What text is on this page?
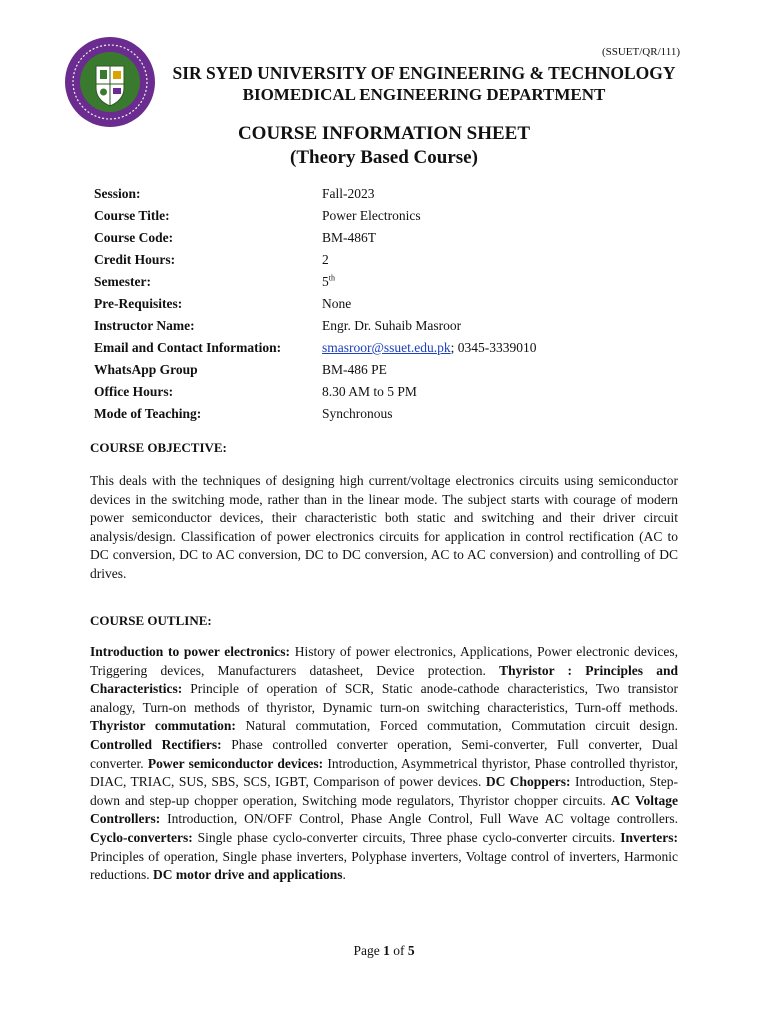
(SSUET/QR/111)
SIR SYED UNIVERSITY OF ENGINEERING & TECHNOLOGY
BIOMEDICAL ENGINEERING DEPARTMENT
COURSE INFORMATION SHEET
(Theory Based Course)
Session:	Fall-2023
Course Title:	Power Electronics
Course Code:	BM-486T
Credit Hours:	2
Semester:	5th
Pre-Requisites:	None
Instructor Name:	Engr. Dr. Suhaib Masroor
Email and Contact Information:	smasroor@ssuet.edu.pk; 0345-3339010
WhatsApp Group	BM-486 PE
Office Hours:	8.30 AM to 5 PM
Mode of Teaching:	Synchronous
COURSE OBJECTIVE:
This deals with the techniques of designing high current/voltage electronics circuits using semiconductor devices in the switching mode, rather than in the linear mode. The subject starts with courage of modern power semiconductor devices, their characteristic both static and switching and their driver circuit analysis/design. Classification of power electronics circuits for application in control rectification (AC to DC conversion, DC to AC conversion, DC to DC conversion, AC to AC conversion) and controlling of DC drives.
COURSE OUTLINE:
Introduction to power electronics: History of power electronics, Applications, Power electronic devices, Triggering devices, Manufacturers datasheet, Device protection. Thyristor : Principles and Characteristics: Principle of operation of SCR, Static anode-cathode characteristics, Two transistor analogy, Turn-on methods of thyristor, Dynamic turn-on switching characteristics, Turn-off methods. Thyristor commutation: Natural commutation, Forced commutation, Commutation circuit design. Controlled Rectifiers: Phase controlled converter operation, Semi-converter, Full converter, Dual converter. Power semiconductor devices: Introduction, Asymmetrical thyristor, Phase controlled thyristor, DIAC, TRIAC, SUS, SBS, SCS, IGBT, Comparison of power devices. DC Choppers: Introduction, Step-down and step-up chopper operation, Switching mode regulators, Thyristor chopper circuits. AC Voltage Controllers: Introduction, ON/OFF Control, Phase Angle Control, Full Wave AC voltage controllers. Cyclo-converters: Single phase cyclo-converter circuits, Three phase cyclo-converter circuits. Inverters: Principles of operation, Single phase inverters, Polyphase inverters, Voltage control of inverters, Harmonic reductions. DC motor drive and applications.
Page 1 of 5
